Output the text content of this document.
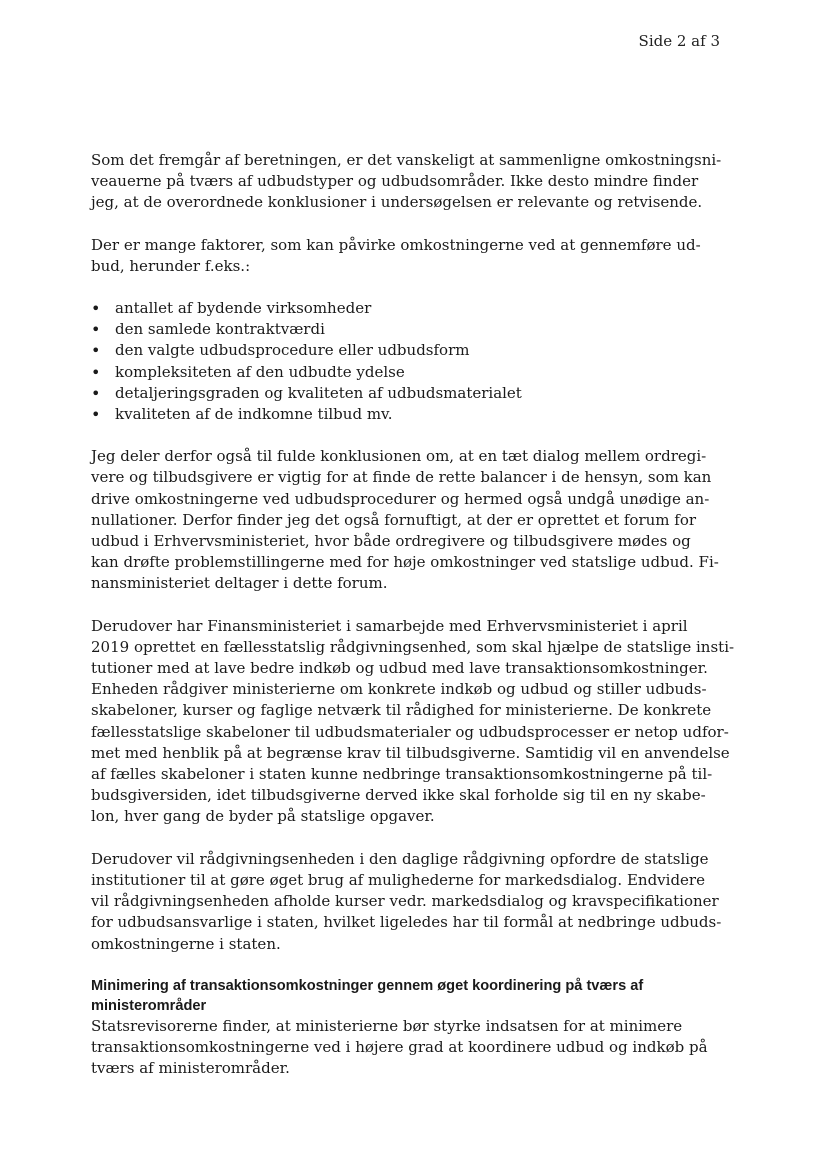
Side 2 af 3

Som det fremgår af beretningen, er det vanskeligt at sammenligne omkostningsni-
veauerne på tværs af udbudstyper og udbudsområder. Ikke desto mindre finder
jeg, at de overordnede konklusioner i undersøgelsen er relevante og retvisende.

Der er mange faktorer, som kan påvirke omkostningerne ved at gennemføre ud-
bud, herunder f.eks.:

• antallet af bydende virksomheder
• den samlede kontraktværdi
• den valgte udbudsprocedure eller udbudsform
• kompleksiteten af den udbudte ydelse
• detaljeringsgraden og kvaliteten af udbudsmaterialet
• kvaliteten af de indkomne tilbud mv.

Jeg deler derfor også til fulde konklusionen om, at en tæt dialog mellem ordregi-
vere og tilbudsgivere er vigtig for at finde de rette balancer i de hensyn, som kan
drive omkostningerne ved udbudsprocedurer og hermed også undgå unødige an-
nullationer. Derfor finder jeg det også fornuftigt, at der er oprettet et forum for
udbud i Erhvervsministeriet, hvor både ordregivere og tilbudsgivere mødes og
kan drøfte problemstillingerne med for høje omkostninger ved statslige udbud. Fi-
nansministeriet deltager i dette forum.

Derudover har Finansministeriet i samarbejde med Erhvervsministeriet i april
2019 oprettet en fællesstatslig rådgivningsenhed, som skal hjælpe de statslige insti-
tutioner med at lave bedre indkøb og udbud med lave transaktionsomkostninger.
Enheden rådgiver ministerierne om konkrete indkøb og udbud og stiller udbuds-
skabeloner, kurser og faglige netværk til rådighed for ministerierne. De konkrete
fællesstatslige skabeloner til udbudsmaterialer og udbudsprocesser er netop udfor-
met med henblik på at begrænse krav til tilbudsgiverne. Samtidig vil en anvendelse
af fælles skabeloner i staten kunne nedbringe transaktionsomkostningerne på til-
budsgiversiden, idet tilbudsgiverne derved ikke skal forholde sig til en ny skabe-
lon, hver gang de byder på statslige opgaver.

Derudover vil rådgivningsenheden i den daglige rådgivning opfordre de statslige
institutioner til at gøre øget brug af mulighederne for markedsdialog. Endvidere
vil rådgivningsenheden afholde kurser vedr. markedsdialog og kravspecifikationer
for udbudsansvarlige i staten, hvilket ligeledes har til formål at nedbringe udbuds-
omkostningerne i staten.

Minimering af transaktionsomkostninger gennem øget koordinering på tværs af
ministerområder

Statsrevisorerne finder, at ministerierne bør styrke indsatsen for at minimere
transaktionsomkostningerne ved i højere grad at koordinere udbud og indkøb på
tværs af ministerområder.
